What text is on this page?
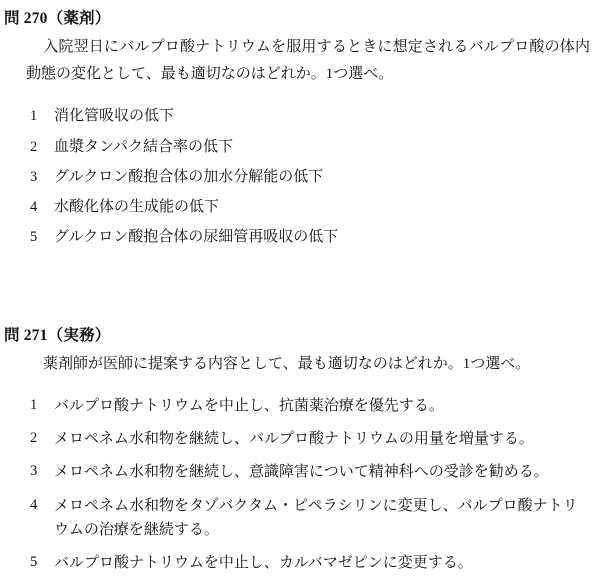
問 270（薬剤）

入院翌日にバルプロ酸ナトリウムを服用するときに想定されるバルプロ酸の体内動態の変化として、最も適切なのはどれか。1つ選べ。

1	消化管吸収の低下
2	血漿タンパク結合率の低下
3	グルクロン酸抱合体の加水分解能の低下
4	水酸化体の生成能の低下
5	グルクロン酸抱合体の尿細管再吸収の低下
問 271（実務）

薬剤師が医師に提案する内容として、最も適切なのはどれか。1つ選べ。

1	バルプロ酸ナトリウムを中止し、抗菌薬治療を優先する。
2	メロペネム水和物を継続し、バルプロ酸ナトリウムの用量を増量する。
3	メロペネム水和物を継続し、意識障害について精神科への受診を勧める。
4	メロペネム水和物をタゾバクタム・ピペラシリンに変更し、バルプロ酸ナトリウムの治療を継続する。
5	バルプロ酸ナトリウムを中止し、カルバマゼピンに変更する。
